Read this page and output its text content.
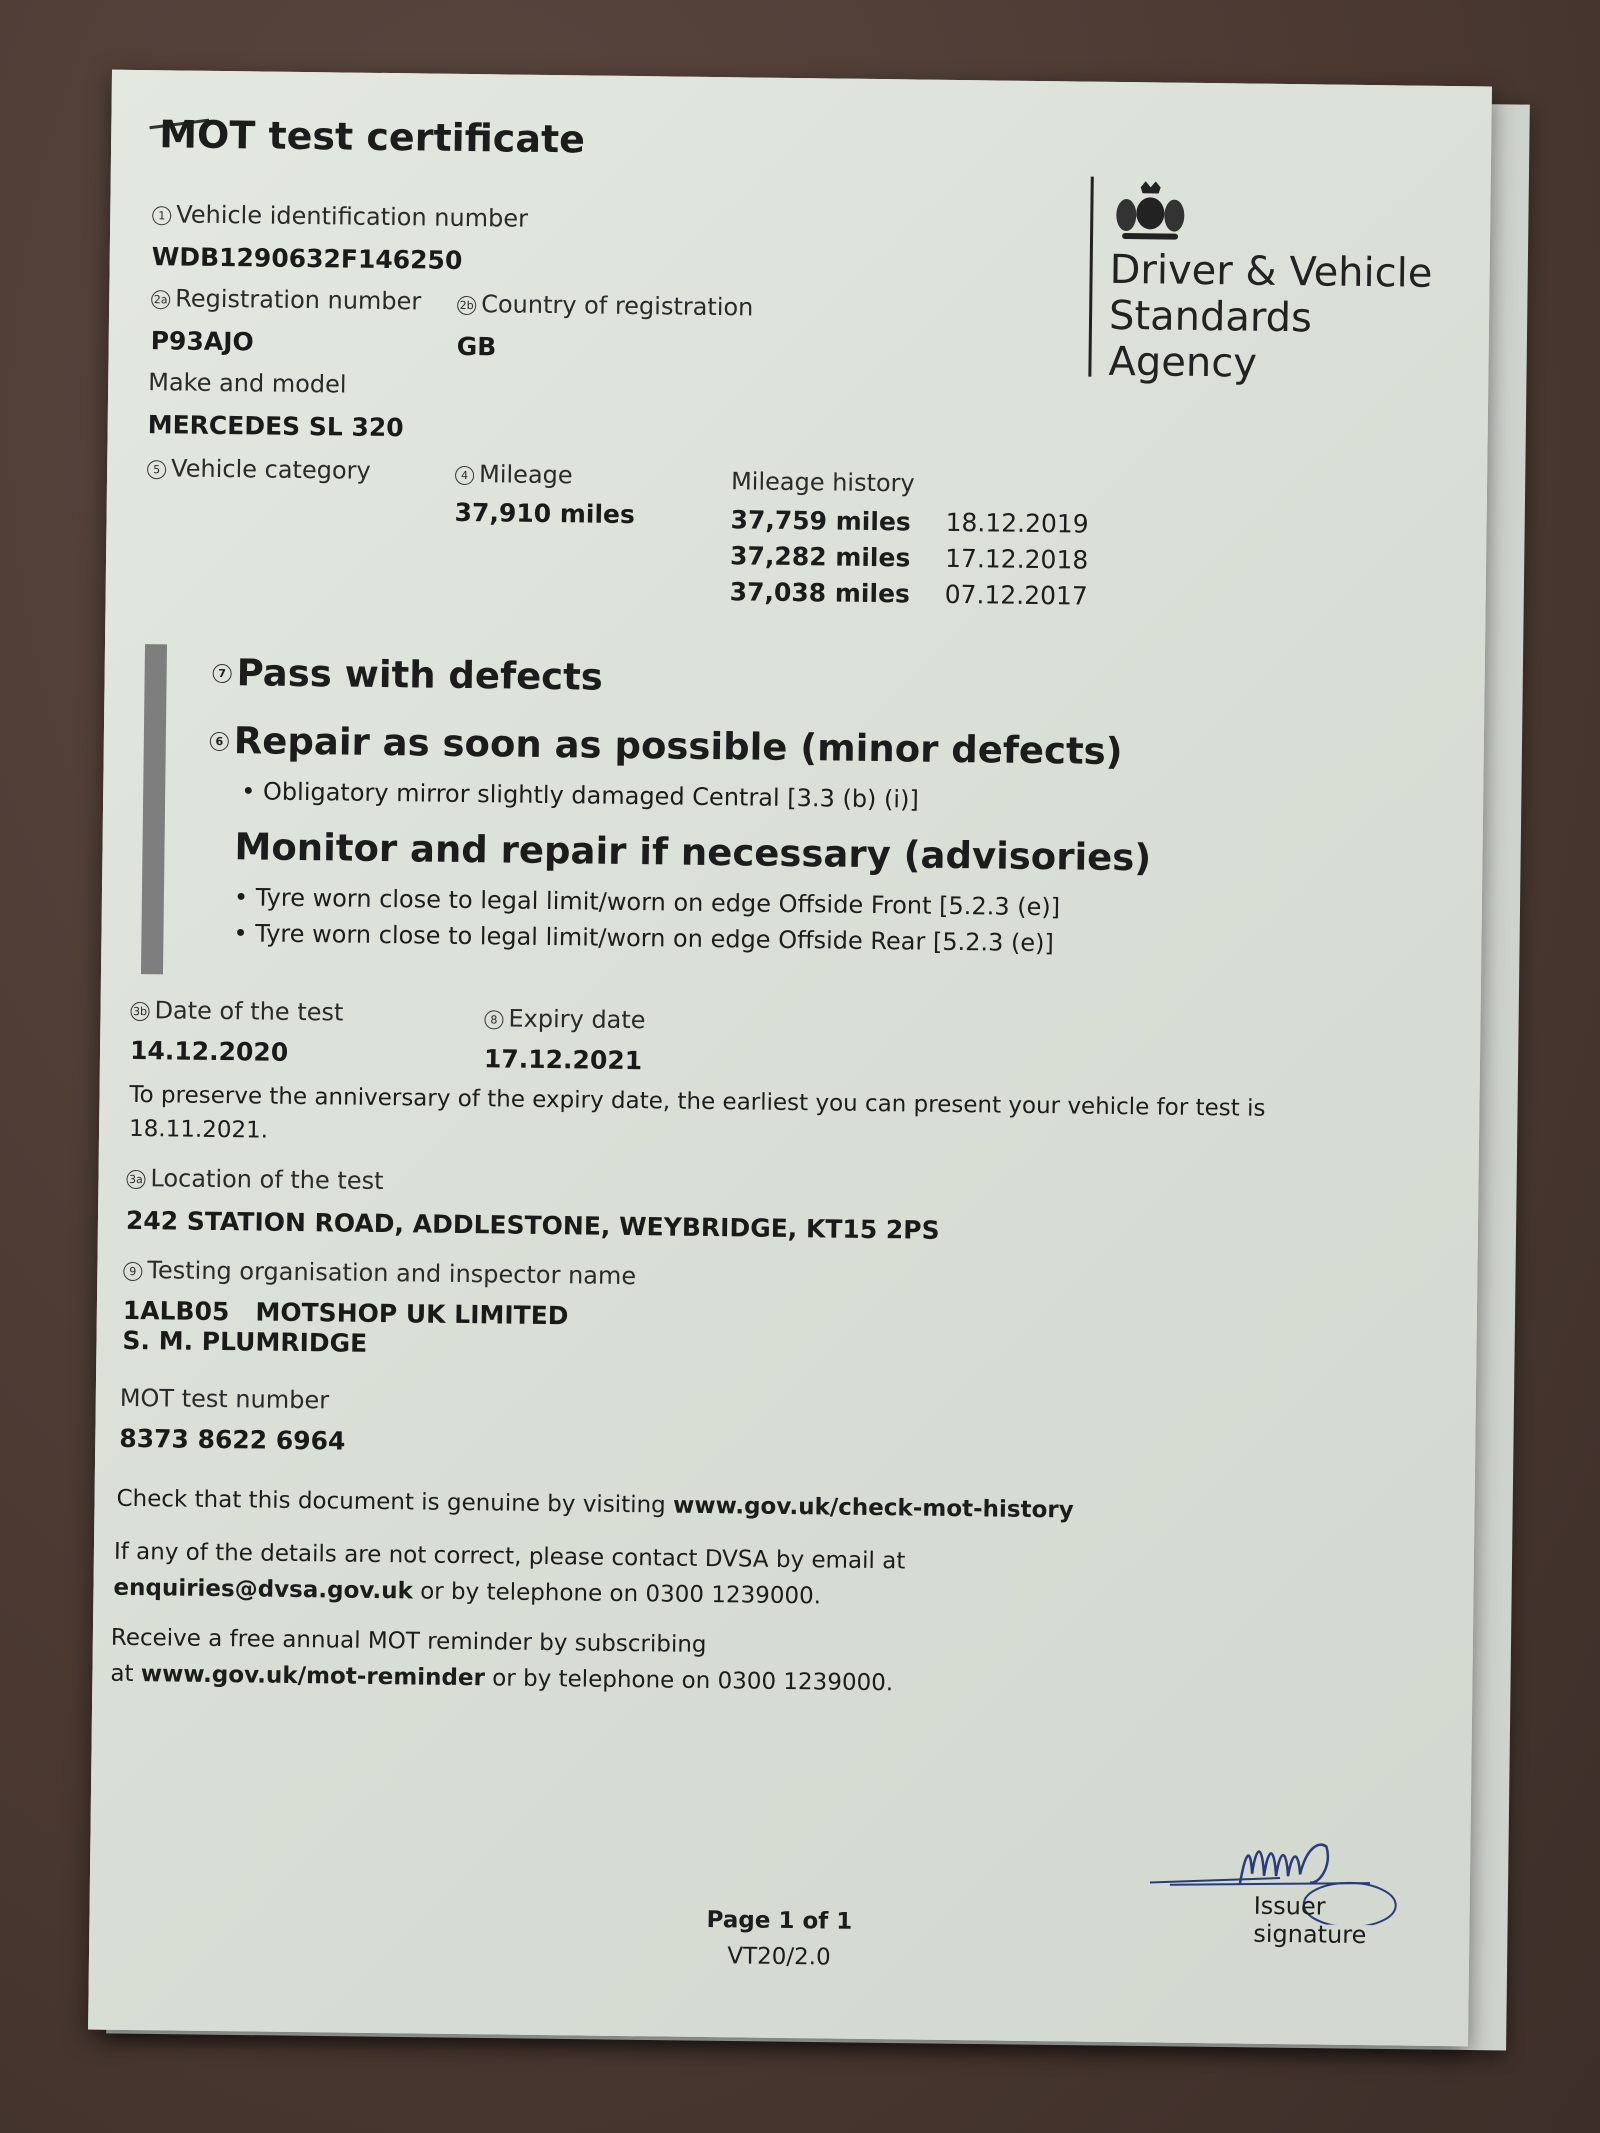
MOT test certificate
Driver & Vehicle
Standards
Agency
1 Vehicle identification number
WDB1290632F146250
2a Registration number
P93AJO
2b Country of registration
GB
Make and model
MERCEDES SL 320
5 Vehicle category	4 Mileage
37,910 miles
Mileage history
37,759 miles 18.12.2019
37,282 miles 17.12.2018
37,038 miles 07.12.2017
7 Pass with defects
6 Repair as soon as possible (minor defects)
• Obligatory mirror slightly damaged Central [3.3 (b) (i)]
Monitor and repair if necessary (advisories)
• Tyre worn close to legal limit/worn on edge Offside Front [5.2.3 (e)]
• Tyre worn close to legal limit/worn on edge Offside Rear [5.2.3 (e)]
3b Date of the test
14.12.2020
8 Expiry date
17.12.2021
To preserve the anniversary of the expiry date, the earliest you can present your vehicle for test is
18.11.2021.
3a Location of the test
242 STATION ROAD, ADDLESTONE, WEYBRIDGE, KT15 2PS
9 Testing organisation and inspector name
1ALB05   MOTSHOP UK LIMITED
S. M. PLUMRIDGE
MOT test number
8373 8622 6964
Check that this document is genuine by visiting www.gov.uk/check-mot-history
If any of the details are not correct, please contact DVSA by email at
enquiries@dvsa.gov.uk or by telephone on 0300 1239000.
Receive a free annual MOT reminder by subscribing
at www.gov.uk/mot-reminder or by telephone on 0300 1239000.
Page 1 of 1
VT20/2.0
Issuer signature
